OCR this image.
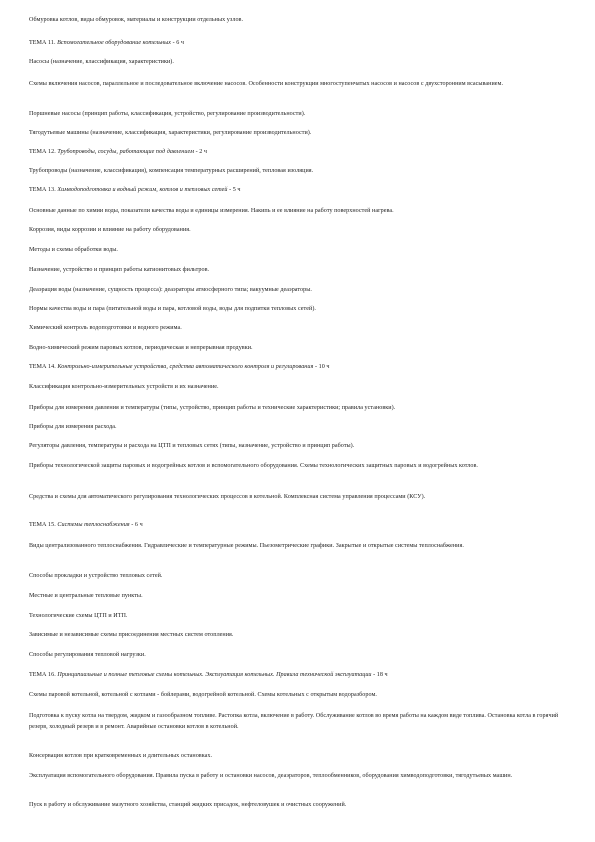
Обмуровка котлов, виды обмуровок, материалы и конструкции отдельных узлов.

ТЕМА 11. Вспомогательное оборудование котельных - 6 ч

Насосы (назначение, классификация, характеристики).

Схемы включения насосов, параллельное и последовательное включение насосов. Особенности конструкции многоступенчатых насосов и насосов с двухсторонним всасыванием.

Поршневые насосы (принцип работы, классификация, устройство, регулирование производительности).

Тягодутьевые машины (назначение, классификация, характеристики, регулирование производительности).

ТЕМА 12. Трубопроводы, сосуды, работающие под давлением - 2 ч

Трубопроводы (назначение, классификация), компенсация температурных расширений, тепловая изоляция.

ТЕМА 13. Химводоподготовка и водный режим, котлов и тепловых сетей - 5 ч

Основные данные по химии воды, показатели качества воды и единицы измерения. Накипь и ее влияние на работу поверхностей нагрева.

Коррозия, виды коррозии и влияние на работу оборудования.

Методы и схемы обработки воды.

Назначение, устройство и принцип работы катионитовых фильтров.

Деаэрация воды (назначение, сущность процесса): деаэраторы атмосферного типа; вакуумные деаэраторы.

Нормы качества воды и пара (питательной воды и пара, котловой воды, воды для подпитки тепловых сетей).

Химический контроль водоподготовки и водного режима.

Водно-химический режим паровых котлов, периодическая и непрерывная продувки.

ТЕМА 14. Контрольно-измерительные устройства, средства автоматического контроля и регулирования - 10 ч

Классификация контрольно-измерительных устройств и их назначение.

Приборы для измерения давления и температуры (типы, устройство, принцип работы и технические характеристики; правила установки).

Приборы для измерения расхода.

Регуляторы давления, температуры и расхода на ЦТП и тепловых сетях (типы, назначение, устройство и принцип работы).

Приборы технологической защиты паровых и водогрейных котлов и вспомогательного оборудования. Схемы технологических защитных паровых и водогрейных котлов.

Средства и схемы для автоматического регулирования технологических процессов в котельной. Комплексная система управления процессами (КСУ).

ТЕМА 15. Системы теплоснабжения - 6 ч

Виды централизованного теплоснабжения. Гидравлические и температурные режимы. Пьезометрические графики. Закрытые и открытые системы теплоснабжения.

Способы прокладки и устройство тепловых сетей.

Местные и центральные тепловые пункты.

Технологические схемы ЦТП и ИТП.

Зависимые и независимые схемы присоединения местных систем отопления.

Способы регулирования тепловой нагрузки.

ТЕМА 16. Принципиальные и полные тепловые схемы котельных. Эксплуатация котельных. Правила технической эксплуатации - 18 ч

Схемы паровой котельной, котельной с котлами - бойлерами, водогрейной котельной. Схемы котельных с открытым водоразбором.

Подготовка к пуску котла на твердом, жидком и газообразном топливе. Растопка котла, включение в работу. Обслуживание котлов во время работы на каждом виде топлива. Остановка котла в горячий резерв, холодный резерв и в ремонт. Аварийные остановки котлов в котельной.

Консервация котлов при кратковременных и длительных остановках.

Эксплуатация вспомогательного оборудования. Правила пуска в работу и остановки насосов, деаэраторов, теплообменников, оборудования химводоподготовки, тягодутьевых машин.

Пуск в работу и обслуживание мазутного хозяйства, станций жидких присадок, нефтеловушек и очистных сооружений.
